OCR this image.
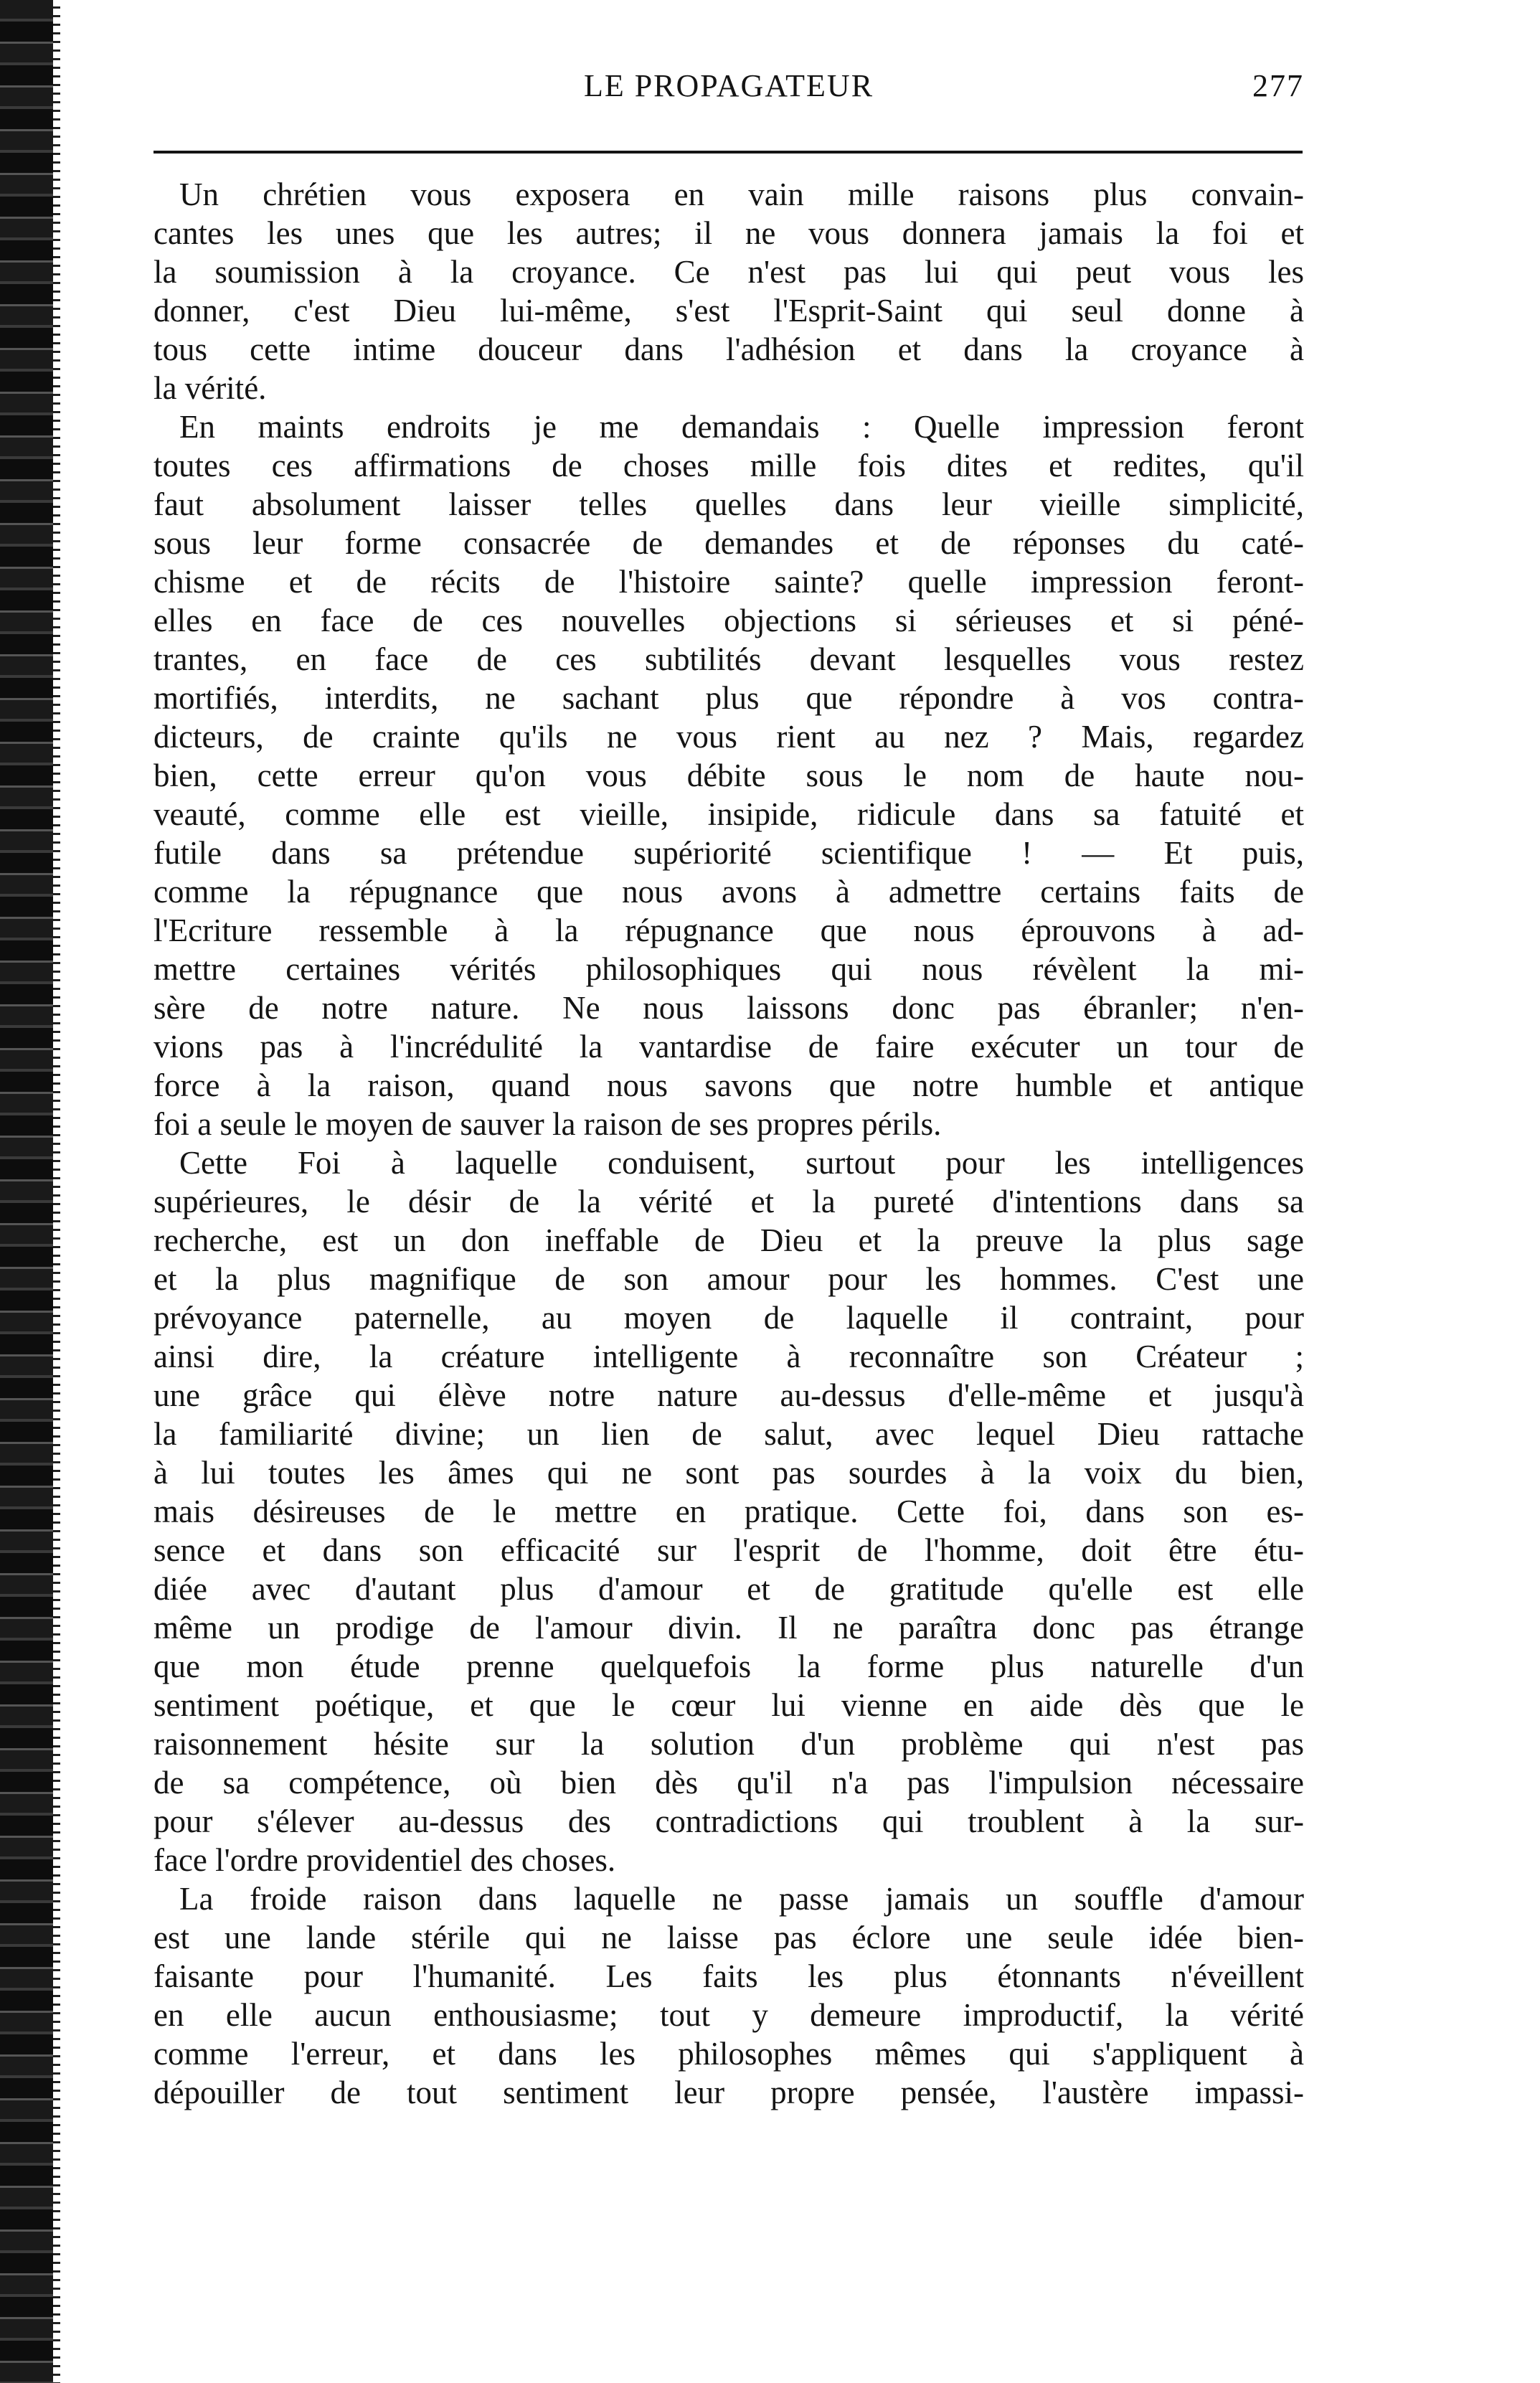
LE PROPAGATEUR	277
Un chrétien vous exposera en vain mille raisons plus convain-
cantes les unes que les autres; il ne vous donnera jamais la foi et
la soumission à la croyance. Ce n'est pas lui qui peut vous les
donner, c'est Dieu lui-même, s'est l'Esprit-Saint qui seul donne à
tous cette intime douceur dans l'adhésion et dans la croyance à
la vérité.
En maints endroits je me demandais : Quelle impression feront
toutes ces affirmations de choses mille fois dites et redites, qu'il
faut absolument laisser telles quelles dans leur vieille simplicité,
sous leur forme consacrée de demandes et de réponses du caté-
chisme et de récits de l'histoire sainte? quelle impression feront-
elles en face de ces nouvelles objections si sérieuses et si péné-
trantes, en face de ces subtilités devant lesquelles vous restez
mortifiés, interdits, ne sachant plus que répondre à vos contra-
dicteurs, de crainte qu'ils ne vous rient au nez ? Mais, regardez
bien, cette erreur qu'on vous débite sous le nom de haute nou-
veauté, comme elle est vieille, insipide, ridicule dans sa fatuité et
futile dans sa prétendue supériorité scientifique ! — Et puis,
comme la répugnance que nous avons à admettre certains faits de
l'Ecriture ressemble à la répugnance que nous éprouvons à ad-
mettre certaines vérités philosophiques qui nous révèlent la mi-
sère de notre nature. Ne nous laissons donc pas ébranler; n'en-
vions pas à l'incrédulité la vantardise de faire exécuter un tour de
force à la raison, quand nous savons que notre humble et antique
foi a seule le moyen de sauver la raison de ses propres périls.
Cette Foi à laquelle conduisent, surtout pour les intelligences
supérieures, le désir de la vérité et la pureté d'intentions dans sa
recherche, est un don ineffable de Dieu et la preuve la plus sage
et la plus magnifique de son amour pour les hommes. C'est une
prévoyance paternelle, au moyen de laquelle il contraint, pour
ainsi dire, la créature intelligente à reconnaître son Créateur ;
une grâce qui élève notre nature au-dessus d'elle-même et jusqu'à
la familiarité divine; un lien de salut, avec lequel Dieu rattache
à lui toutes les âmes qui ne sont pas sourdes à la voix du bien,
mais désireuses de le mettre en pratique. Cette foi, dans son es-
sence et dans son efficacité sur l'esprit de l'homme, doit être étu-
diée avec d'autant plus d'amour et de gratitude qu'elle est elle
même un prodige de l'amour divin. Il ne paraîtra donc pas étrange
que mon étude prenne quelquefois la forme plus naturelle d'un
sentiment poétique, et que le cœur lui vienne en aide dès que le
raisonnement hésite sur la solution d'un problème qui n'est pas
de sa compétence, où bien dès qu'il n'a pas l'impulsion nécessaire
pour s'élever au-dessus des contradictions qui troublent à la sur-
face l'ordre providentiel des choses.
La froide raison dans laquelle ne passe jamais un souffle d'amour
est une lande stérile qui ne laisse pas éclore une seule idée bien-
faisante pour l'humanité. Les faits les plus étonnants n'éveillent
en elle aucun enthousiasme; tout y demeure improductif, la vérité
comme l'erreur, et dans les philosophes mêmes qui s'appliquent à
dépouiller de tout sentiment leur propre pensée, l'austère impassi-
